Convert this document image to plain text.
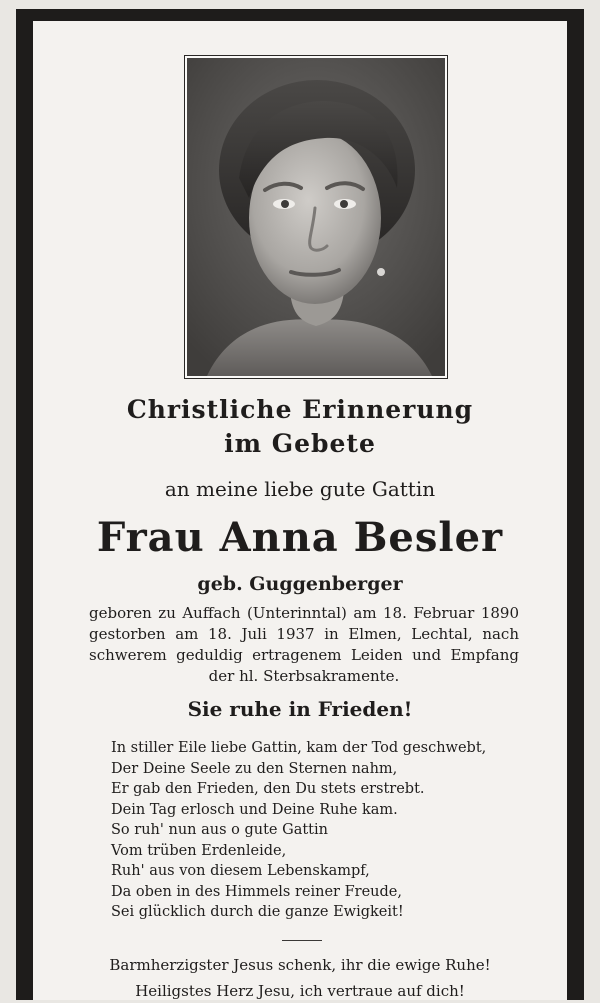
Christliche Erinnerung
im Gebete
an meine liebe gute Gattin
Frau Anna Besler
geb. Guggenberger
geboren zu Auffach (Unterinntal) am 18. Februar 1890
gestorben am 18. Juli 1937 in Elmen, Lechtal, nach
schwerem geduldig ertragenem Leiden und Empfang
der hl. Sterbsakramente.
Sie ruhe in Frieden!
In stiller Eile liebe Gattin, kam der Tod geschwebt,
Der Deine Seele zu den Sternen nahm,
Er gab den Frieden, den Du stets erstrebt.
Dein Tag erlosch und Deine Ruhe kam.
So ruh' nun aus o gute Gattin
Vom trüben Erdenleide,
Ruh' aus von diesem Lebenskampf,
Da oben in des Himmels reiner Freude,
Sei glücklich durch die ganze Ewigkeit!
Barmherzigster Jesus schenk, ihr die ewige Ruhe!
Heiligstes Herz Jesu, ich vertraue auf dich!
